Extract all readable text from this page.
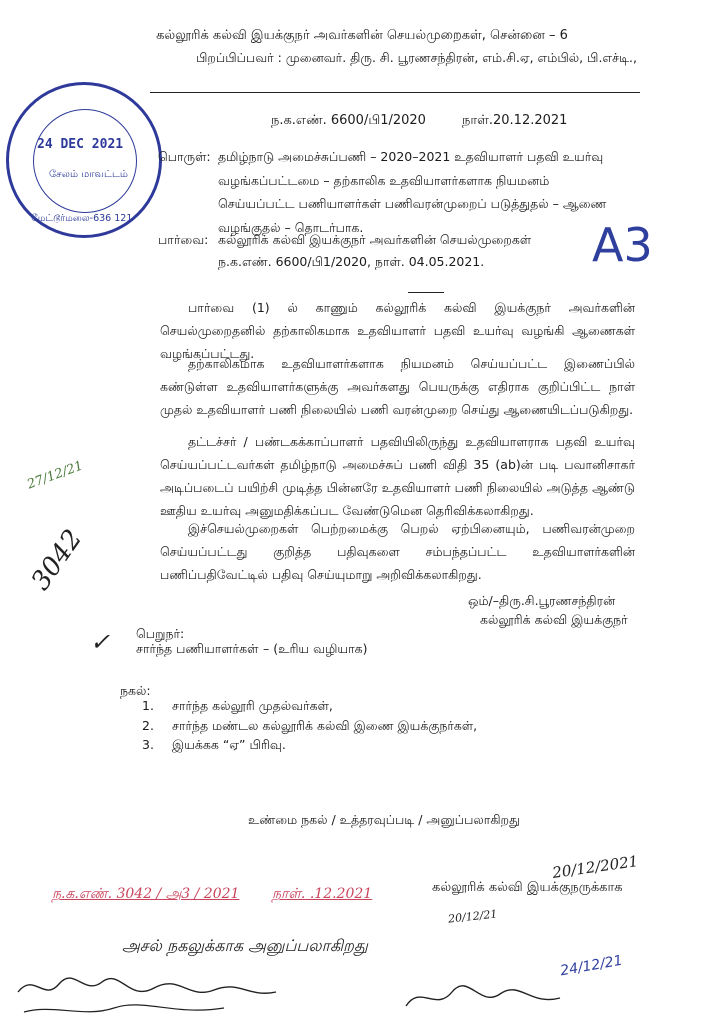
கல்லூரிக் கல்வி இயக்குநர் அவர்களின் செயல்முறைகள், சென்னை – 6
பிறப்பிப்பவர் : முனைவர். திரு. சி. பூரணசந்திரன், எம்.சி.ஏ, எம்பில், பி.எச்டி.,
24 DEC 2021
சேலம் மாவட்டம்
மேட்டூர்மலை-636 121
ந.க.எண். 6600/பி1/2020	நாள்.20.12.2021
பொருள்: தமிழ்நாடு அமைச்சுப்பணி – 2020–2021 உதவியாளர் பதவி உயர்வு
வழங்கப்பட்டமை – தற்காலிக உதவியாளர்களாக நியமனம்
செய்யப்பட்ட பணியாளர்கள் பணிவரன்முறைப் படுத்துதல் – ஆணை
வழங்குதல் – தொடர்பாக.
பார்வை: கல்லூரிக் கல்வி இயக்குநர் அவர்களின் செயல்முறைகள்
ந.க.எண். 6600/பி1/2020, நாள். 04.05.2021. A3
பார்வை (1) ல் காணும் கல்லூரிக் கல்வி இயக்குநர் அவர்களின் செயல்முறைதனில் தற்காலிகமாக உதவியாளர் பதவி உயர்வு வழங்கி ஆணைகள் வழங்கப்பட்டது.
தற்காலிகமாக உதவியாளர்களாக நியமனம் செய்யப்பட்ட இணைப்பில் கண்டுள்ள உதவியாளர்களுக்கு அவர்களது பெயருக்கு எதிராக குறிப்பிட்ட நாள் முதல் உதவியாளர் பணி நிலையில் பணி வரன்முறை செய்து ஆணையிடப்படுகிறது.
தட்டச்சர் / பண்டகக்காப்பாளர் பதவியிலிருந்து உதவியாளராக பதவி உயர்வு செய்யப்பட்டவர்கள் தமிழ்நாடு அமைச்சுப் பணி விதி 35 (ab)ன் படி பவானிசாகர் அடிப்படைப் பயிற்சி முடித்த பின்னரே உதவியாளர் பணி நிலையில் அடுத்த ஆண்டு ஊதிய உயர்வு அனுமதிக்கப்பட வேண்டுமென தெரிவிக்கலாகிறது.
இச்செயல்முறைகள் பெற்றமைக்கு பெறல் ஏற்பினையும், பணிவரன்முறை செய்யப்பட்டது குறித்த பதிவுகளை சம்பந்தப்பட்ட உதவியாளர்களின் பணிப்பதிவேட்டில் பதிவு செய்யுமாறு அறிவிக்கலாகிறது.
27/12/21
3042
ஒம்/–திரு.சி.பூரணசந்திரன்
கல்லூரிக் கல்வி இயக்குநர்
பெறுநர்:
சார்ந்த பணியாளர்கள் – (உரிய வழியாக)
✓
நகல்:
1. சார்ந்த கல்லூரி முதல்வர்கள்,
2. சார்ந்த மண்டல கல்லூரிக் கல்வி இணை இயக்குநர்கள்,
3. இயக்கக “ஏ” பிரிவு.
உண்மை நகல் / உத்தரவுப்படி / அனுப்பலாகிறது
20/12/2021
ந.க.எண். 3042 / அ3 / 2021 நாள். .12.2021	கல்லூரிக் கல்வி இயக்குநருக்காக
20/12/21
அசல் நகலுக்காக அனுப்பலாகிறது
24/12/21
